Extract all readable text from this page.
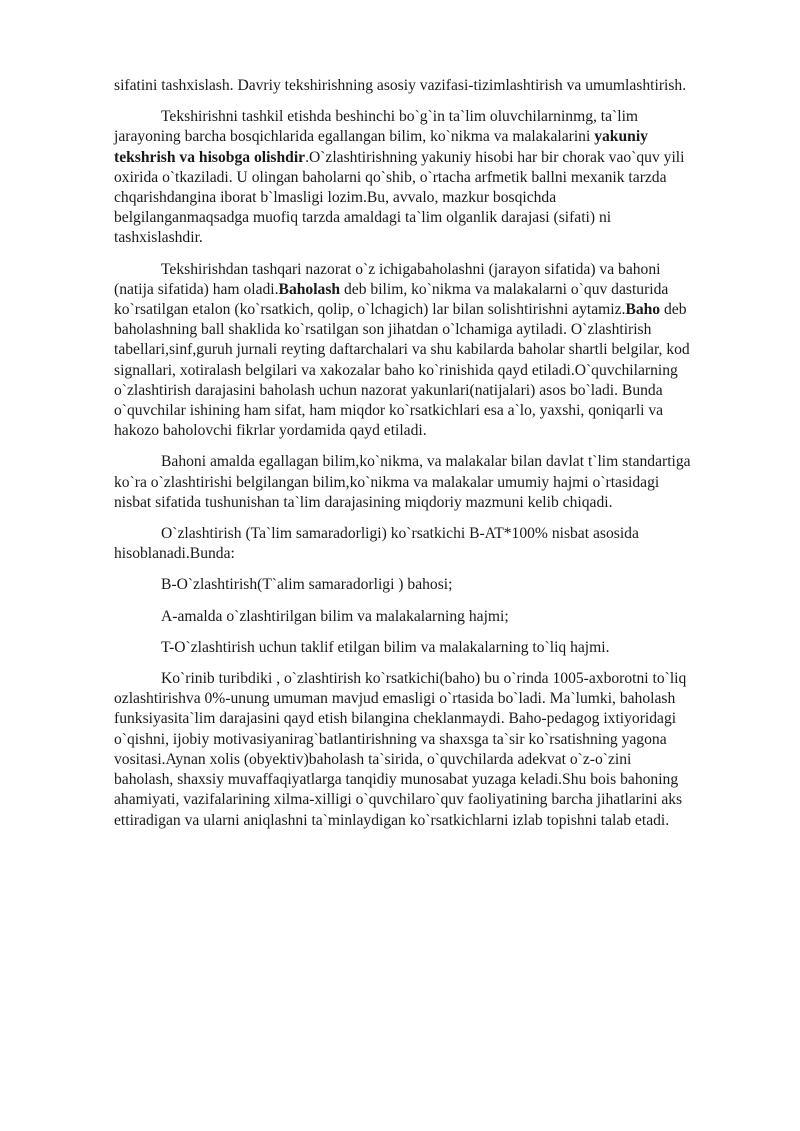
sifatini tashxislash. Davriy tekshirishning asosiy vazifasi-tizimlashtirish va umumlashtirish.

Tekshirishni tashkil etishda beshinchi bo`g`in ta`lim oluvchilarninmg, ta`lim jarayoning barcha bosqichlarida egallangan bilim, ko`nikma va malakalarini yakuniy tekshrish va hisobga olishdir.O`zlashtirishning yakuniy hisobi har bir chorak vao`quv yili oxirida o`tkaziladi. U olingan baholarni qo`shib, o`rtacha arfmetik ballni mexanik tarzda chqarishdangina iborat b`lmasligi lozim.Bu, avvalo, mazkur bosqichda belgilanganmaqsadga muofiq tarzda amaldagi ta`lim olganlik darajasi (sifati) ni tashxislashdir.

Tekshirishdan tashqari nazorat o`z ichigabaholashni (jarayon sifatida) va bahoni (natija sifatida) ham oladi.Baholash deb bilim, ko`nikma va malakalarni o`quv dasturida ko`rsatilgan etalon (ko`rsatkich, qolip, o`lchagich) lar bilan solishtirishni aytamiz.Baho deb baholashning ball shaklida ko`rsatilgan son jihatdan o`lchamiga aytiladi. O`zlashtirish tabellari,sinf,guruh jurnali reyting daftarchalari va shu kabilarda baholar shartli belgilar, kod signallari, xotiralash belgilari va xakozalar baho ko`rinishida qayd etiladi.O`quvchilarning o`zlashtirish darajasini baholash uchun nazorat yakunlari(natijalari) asos bo`ladi. Bunda o`quvchilar ishining ham sifat, ham miqdor ko`rsatkichlari esa a`lo, yaxshi, qoniqarli va hakozo baholovchi fikrlar yordamida qayd etiladi.

Bahoni amalda egallagan bilim,ko`nikma, va malakalar bilan davlat t`lim standartiga ko`ra o`zlashtirishi belgilangan bilim,ko`nikma va malakalar umumiy hajmi o`rtasidagi nisbat sifatida tushunishan ta`lim darajasining miqdoriy mazmuni kelib chiqadi.

O`zlashtirish (Ta`lim samaradorligi) ko`rsatkichi B-AT*100% nisbat asosida hisoblanadi.Bunda:

B-O`zlashtirish(T`alim samaradorligi ) bahosi;

A-amalda o`zlashtirilgan bilim va malakalarning hajmi;

T-O`zlashtirish uchun taklif etilgan bilim va malakalarning to`liq hajmi.

Ko`rinib turibdiki , o`zlashtirish ko`rsatkichi(baho) bu o`rinda 1005-axborotni to`liq ozlashtirishva 0%-unung umuman mavjud emasligi o`rtasida bo`ladi. Ma`lumki, baholash funksiyasita`lim darajasini qayd etish bilangina cheklanmaydi. Baho-pedagog ixtiyoridagi o`qishni, ijobiy motivasiyanirag`batlantirishning va shaxsga ta`sir ko`rsatishning yagona vositasi.Aynan xolis (obyektiv)baholash ta`sirida, o`quvchilarda adekvat o`z-o`zini baholash, shaxsiy muvaffaqiyatlarga tanqidiy munosabat yuzaga keladi.Shu bois bahoning ahamiyati, vazifalarining xilma-xilligi o`quvchilaro`quv faoliyatining barcha jihatlarini aks ettiradigan va ularni aniqlashni ta`minlaydigan ko`rsatkichlarni izlab topishni talab etadi.
